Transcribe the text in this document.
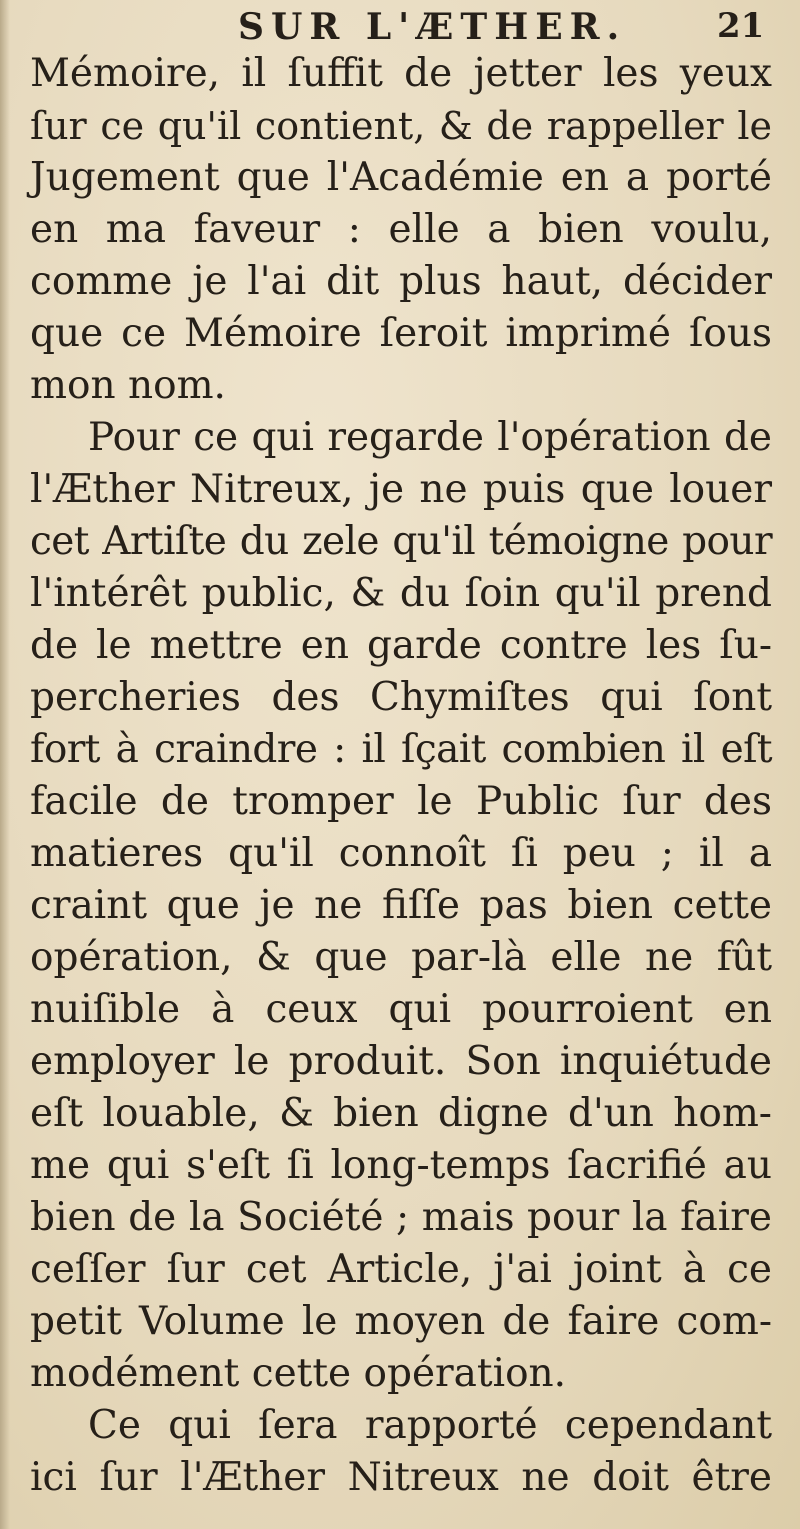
SUR L'ÆTHER.	21
Mémoire, il ſuffit de jetter les yeux
ſur ce qu'il contient, & de rappeller le
Jugement que l'Académie en a porté
en ma faveur : elle a bien voulu,
comme je l'ai dit plus haut, décider
que ce Mémoire ſeroit imprimé ſous
mon nom.
Pour ce qui regarde l'opération de
l'Æther Nitreux, je ne puis que louer
cet Artiſte du zele qu'il témoigne pour
l'intérêt public, & du ſoin qu'il prend
de le mettre en garde contre les ſu-
percheries des Chymiſtes qui ſont
fort à craindre : il ſçait combien il eſt
facile de tromper le Public ſur des
matieres qu'il connoît ſi peu ; il a
craint que je ne fiſſe pas bien cette
opération, & que par-là elle ne fût
nuiſible à ceux qui pourroient en
employer le produit. Son inquiétude
eſt louable, & bien digne d'un hom-
me qui s'eſt ſi long-temps ſacrifié au
bien de la Société ; mais pour la faire
ceſſer ſur cet Article, j'ai joint à ce
petit Volume le moyen de faire com-
modément cette opération.
Ce qui ſera rapporté cependant
ici ſur l'Æther Nitreux ne doit être
